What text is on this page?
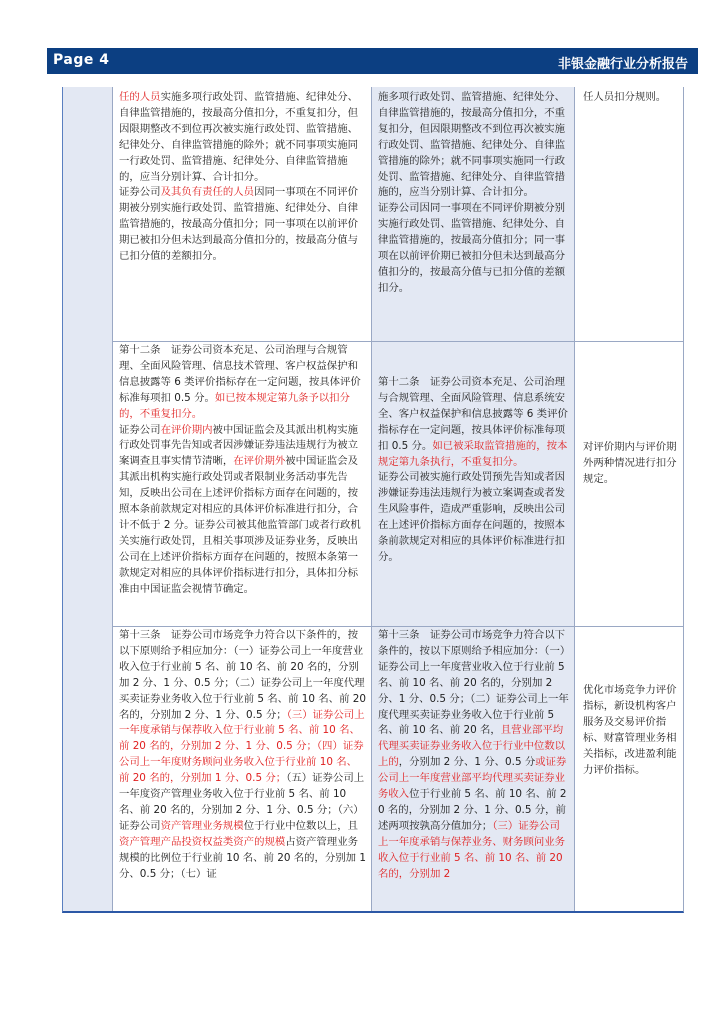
Page 4	非银金融行业分析报告
任的人员实施多项行政处罚、监管措施、纪律处分、自律监管措施的，按最高分值扣分，不重复扣分，但因限期整改不到位再次被实施行政处罚、监管措施、纪律处分、自律监管措施的除外；就不同事项实施同一行政处罚、监管措施、纪律处分、自律监管措施的，应当分别计算、合计扣分。
证券公司及其负有责任的人员因同一事项在不同评价期被分别实施行政处罚、监管措施、纪律处分、自律监管措施的，按最高分值扣分；同一事项在以前评价期已被扣分但未达到最高分值扣分的，按最高分值与已扣分值的差额扣分。
施多项行政处罚、监管措施、纪律处分、自律监管措施的，按最高分值扣分，不重复扣分，但因限期整改不到位再次被实施行政处罚、监管措施、纪律处分、自律监管措施的除外；就不同事项实施同一行政处罚、监管措施、纪律处分、自律监管措施的，应当分别计算、合计扣分。
证券公司因同一事项在不同评价期被分别实施行政处罚、监管措施、纪律处分、自律监管措施的，按最高分值扣分；同一事项在以前评价期已被扣分但未达到最高分值扣分的，按最高分值与已扣分值的差额扣分。
任人员扣分规则。
第十二条　证券公司资本充足、公司治理与合规管理、全面风险管理、信息技术管理、客户权益保护和信息披露等 6 类评价指标存在一定问题，按具体评价标准每项扣 0.5 分。如已按本规定第九条予以扣分的，不重复扣分。
证券公司在评价期内被中国证监会及其派出机构实施行政处罚事先告知或者因涉嫌证券违法违规行为被立案调查且事实情节清晰，在评价期外被中国证监会及其派出机构实施行政处罚或者限制业务活动事先告知，反映出公司在上述评价指标方面存在问题的，按照本条前款规定对相应的具体评价标准进行扣分，合计不低于 2 分。证券公司被其他监管部门或者行政机关实施行政处罚，且相关事项涉及证券业务，反映出公司在上述评价指标方面存在问题的，按照本条第一款规定对相应的具体评价指标进行扣分，具体扣分标准由中国证监会视情节确定。
第十二条　证券公司资本充足、公司治理与合规管理、全面风险管理、信息系统安全、客户权益保护和信息披露等 6 类评价指标存在一定问题，按具体评价标准每项扣 0.5 分。如已被采取监管措施的，按本规定第九条执行，不重复扣分。
证券公司被实施行政处罚预先告知或者因涉嫌证券违法违规行为被立案调查或者发生风险事件，造成严重影响，反映出公司在上述评价指标方面存在问题的，按照本条前款规定对相应的具体评价标准进行扣分。
对评价期内与评价期外两种情况进行扣分规定。
第十三条　证券公司市场竞争力符合以下条件的，按以下原则给予相应加分：（一）证券公司上一年度营业收入位于行业前 5 名、前 10 名、前 20 名的，分别加 2 分、1 分、0.5 分；（二）证券公司上一年度代理买卖证券业务收入位于行业前 5 名、前 10 名、前 20 名的，分别加 2 分、1 分、0.5 分；（三）证券公司上一年度承销与保荐收入位于行业前 5 名、前 10 名、前 20 名的，分别加 2 分、1 分、0.5 分；（四）证券公司上一年度财务顾问业务收入位于行业前 10 名、前 20 名的，分别加 1 分、0.5 分；（五）证券公司上一年度资产管理业务收入位于行业前 5 名、前 10 名、前 20 名的，分别加 2 分、1 分、0.5 分；（六）证券公司资产管理业务规模位于行业中位数以上，且资产管理产品投资权益类资产的规模占资产管理业务规模的比例位于行业前 10 名、前 20 名的，分别加 1 分、0.5 分；（七）证
第十三条　证券公司市场竞争力符合以下条件的，按以下原则给予相应加分：（一）证券公司上一年度营业收入位于行业前 5 名、前 10 名、前 20 名的，分别加 2 分、1 分、0.5 分；（二）证券公司上一年度代理买卖证券业务收入位于行业前 5 名、前 10 名、前 20 名，且营业部平均代理买卖证券业务收入位于行业中位数以上的，分别加 2 分、1 分、0.5 分或证券公司上一年度营业部平均代理买卖证券业务收入位于行业前 5 名、前 10 名、前 20 名的，分别加 2 分、1 分、0.5 分，前述两项按孰高分值加分；（三）证券公司上一年度承销与保荐业务、财务顾问业务收入位于行业前 5 名、前 10 名、前 20 名的，分别加 2
优化市场竞争力评价指标，新设机构客户服务及交易评价指标、财富管理业务相关指标，改进盈利能力评价指标。
